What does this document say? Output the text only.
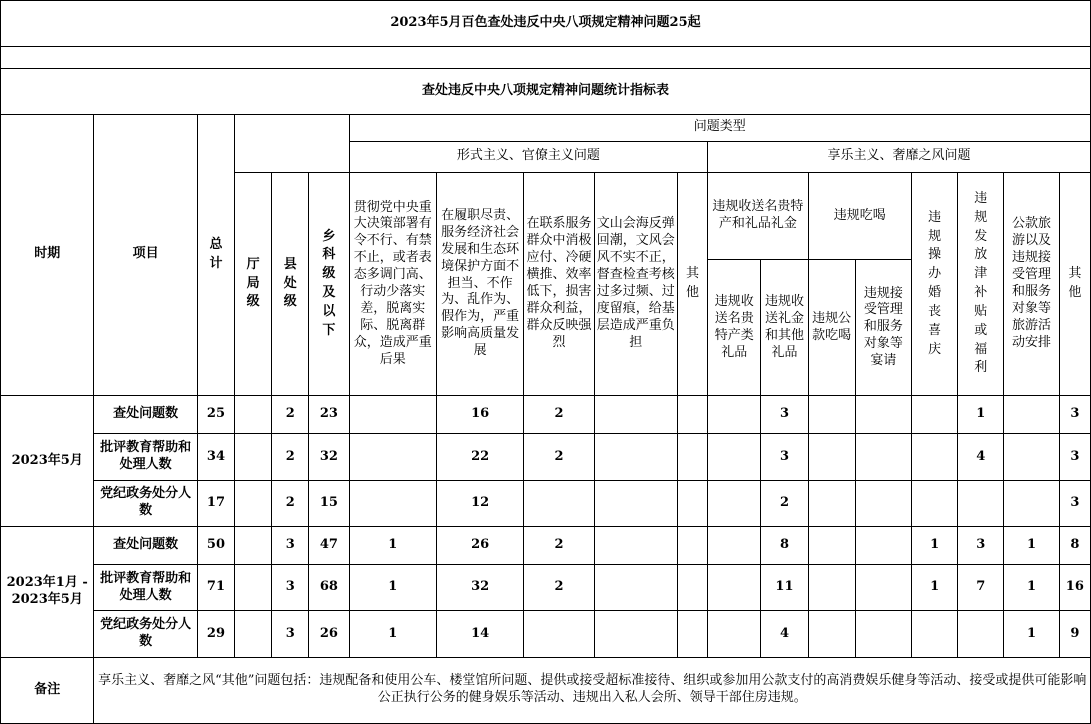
2023年5月百色查处违反中央八项规定精神问题25起																		

查处违反中央八项规定精神问题统计指标表																		
时期	项目	总计				问题类型												
						形式主义、官僚主义问题					享乐主义、奢靡之风问题							
			厅局级	县处级	乡科级及以下	贯彻党中央重大决策部署有令不行、有禁不止，或者表态多调门高、行动少落实差，脱离实际、脱离群众，造成严重后果	在履职尽责、服务经济社会发展和生态环境保护方面不担当、不作为、乱作为、假作为，严重影响高质量发展	在联系服务群众中消极应付、冷硬横推、效率低下，损害群众利益，群众反映强烈	文山会海反弹回潮，文风会风不实不正，督查检查考核过多过频、过度留痕，给基层造成严重负担	其他	违规收送名贵特产和礼品礼金		违规吃喝		违规操办婚丧喜庆	违规发放津补贴或福利	公款旅游以及违规接受管理和服务对象等旅游活动安排	其他
											违规收送名贵特产类礼品	违规收送礼金和其他礼品	违规公款吃喝	违规接受管理和服务对象等宴请				
2023年5月	查处问题数	25		2	23		16	2				3				1		3
	批评教育帮助和处理人数	34		2	32		22	2				3				4		3
	党纪政务处分人数	17		2	15		12					2						3
2023年1月 - 2023年5月	查处问题数	50		3	47	1	26	2				8			1	3	1	8
	批评教育帮助和处理人数	71		3	68	1	32	2				11			1	7	1	16
	党纪政务处分人数	29		3	26	1	14					4					1	9
备注	享乐主义、奢靡之风“其他”问题包括：违规配备和使用公车、楼堂馆所问题、提供或接受超标准接待、组织或参加用公款支付的高消费娱乐健身等活动、接受或提供可能影响公正执行公务的健身娱乐等活动、违规出入私人会所、领导干部住房违规。																	
